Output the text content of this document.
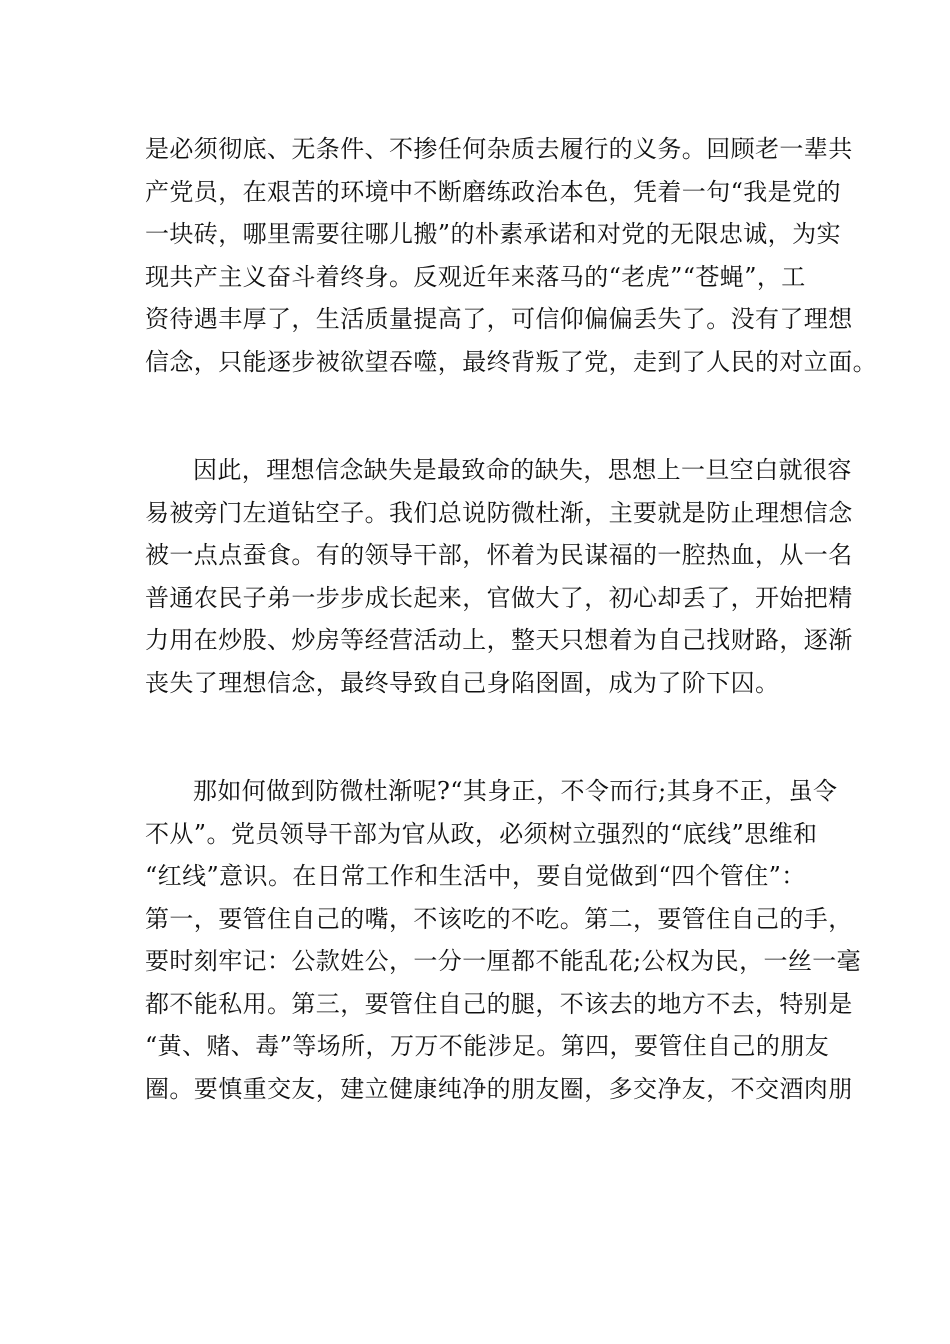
是必须彻底、无条件、不掺任何杂质去履行的义务。回顾老一辈共
产党员，在艰苦的环境中不断磨练政治本色，凭着一句“我是党的
一块砖，哪里需要往哪儿搬”的朴素承诺和对党的无限忠诚，为实
现共产主义奋斗着终身。反观近年来落马的“老虎”“苍蝇”，工
资待遇丰厚了，生活质量提高了，可信仰偏偏丢失了。没有了理想
信念，只能逐步被欲望吞噬，最终背叛了党，走到了人民的对立面。
因此，理想信念缺失是最致命的缺失，思想上一旦空白就很容
易被旁门左道钻空子。我们总说防微杜渐，主要就是防止理想信念
被一点点蚕食。有的领导干部，怀着为民谋福的一腔热血，从一名
普通农民子弟一步步成长起来，官做大了，初心却丢了，开始把精
力用在炒股、炒房等经营活动上，整天只想着为自己找财路，逐渐
丧失了理想信念，最终导致自己身陷囹圄，成为了阶下囚。
那如何做到防微杜渐呢?“其身正，不令而行;其身不正，虽令
不从”。党员领导干部为官从政，必须树立强烈的“底线”思维和
“红线”意识。在日常工作和生活中，要自觉做到“四个管住”：
第一，要管住自己的嘴，不该吃的不吃。第二，要管住自己的手，
要时刻牢记：公款姓公，一分一厘都不能乱花;公权为民，一丝一毫
都不能私用。第三，要管住自己的腿，不该去的地方不去，特别是
“黄、赌、毒”等场所，万万不能涉足。第四，要管住自己的朋友
圈。要慎重交友，建立健康纯净的朋友圈，多交净友，不交酒肉朋
